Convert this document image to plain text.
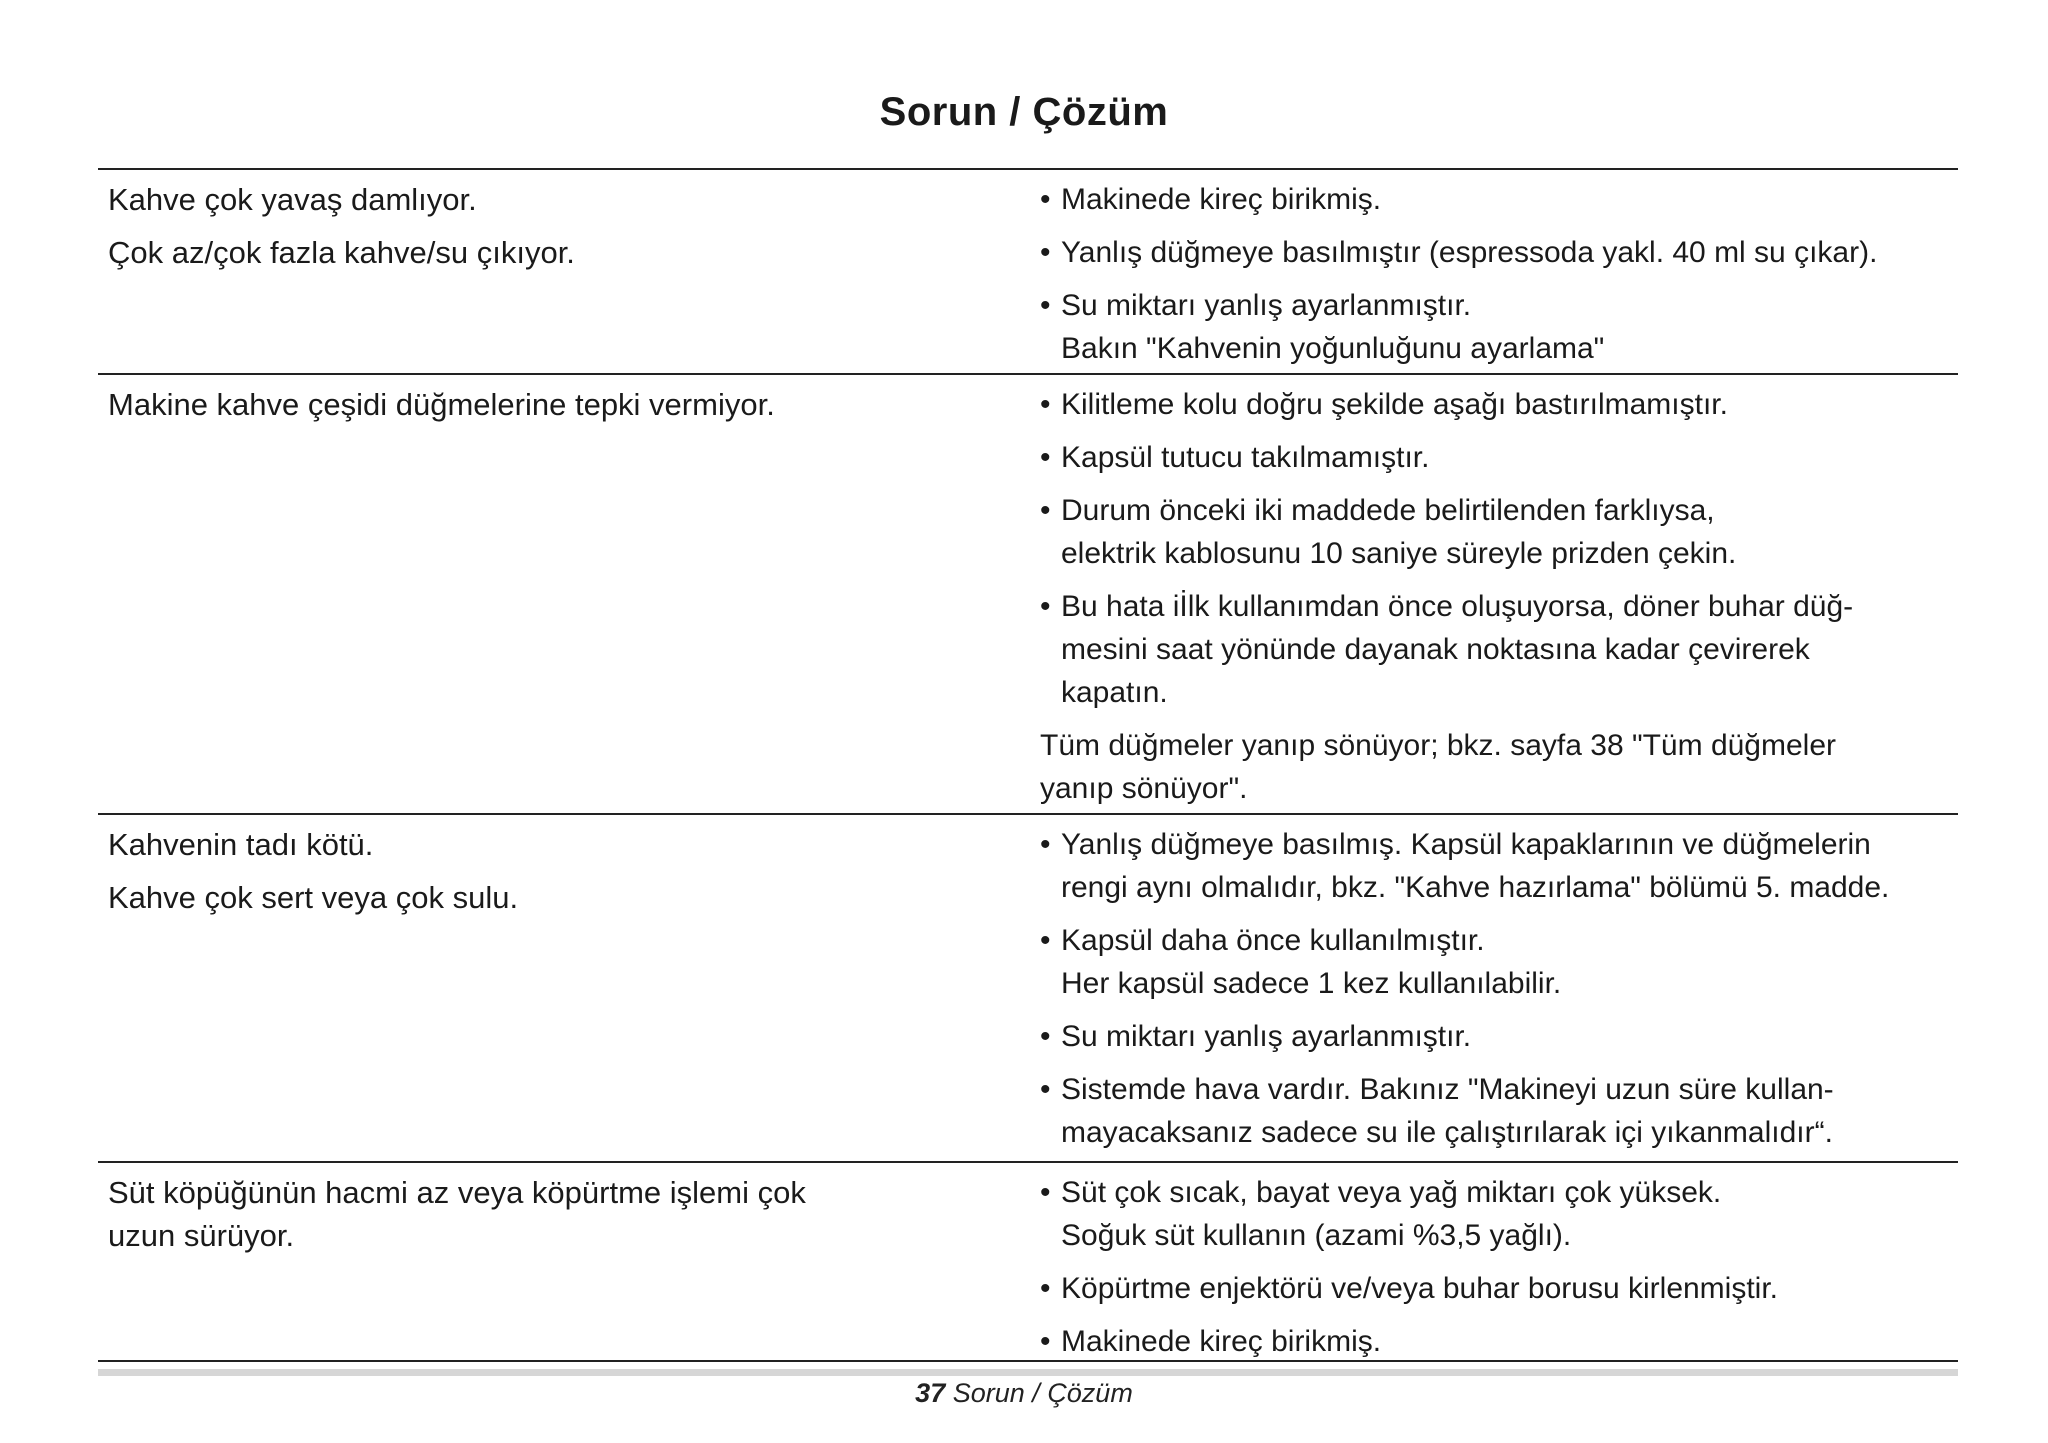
Sorun / Çözüm

Kahve çok yavaş damlıyor.

Çok az/çok fazla kahve/su çıkıyor.

• Makinede kireç birikmiş.
• Yanlış düğmeye basılmıştır (espressoda yakl. 40 ml su çıkar).
• Su miktarı yanlış ayarlanmıştır.
Bakın "Kahvenin yoğunluğunu ayarlama"

Makine kahve çeşidi düğmelerine tepki vermiyor.	• Kilitleme kolu doğru şekilde aşağı bastırılmamıştır.
• Kapsül tutucu takılmamıştır.
• Durum önceki iki maddede belirtilenden farklıysa,
elektrik kablosunu 10 saniye süreyle prizden çekin.
• Bu hata iİlk kullanımdan önce oluşuyorsa, döner buhar düğ-
mesini saat yönünde dayanak noktasına kadar çevirerek
kapatın.
Tüm düğmeler yanıp sönüyor; bkz. sayfa 38 "Tüm düğmeler
yanıp sönüyor".

Kahvenin tadı kötü.

Kahve çok sert veya çok sulu.

• Yanlış düğmeye basılmış. Kapsül kapaklarının ve düğmelerin
rengi aynı olmalıdır, bkz. "Kahve hazırlama" bölümü 5. madde.
• Kapsül daha önce kullanılmıştır.
Her kapsül sadece 1 kez kullanılabilir.
• Su miktarı yanlış ayarlanmıştır.
• Sistemde hava vardır. Bakınız "Makineyi uzun süre kullan-
mayacaksanız sadece su ile çalıştırılarak içi yıkanmalıdır“.

Süt köpüğünün hacmi az veya köpürtme işlemi çok uzun sürüyor.

• Süt çok sıcak, bayat veya yağ miktarı çok yüksek.
Soğuk süt kullanın (azami %3,5 yağlı).
• Köpürtme enjektörü ve/veya buhar borusu kirlenmiştir.
• Makinede kireç birikmiş.
37 Sorun / Çözüm
